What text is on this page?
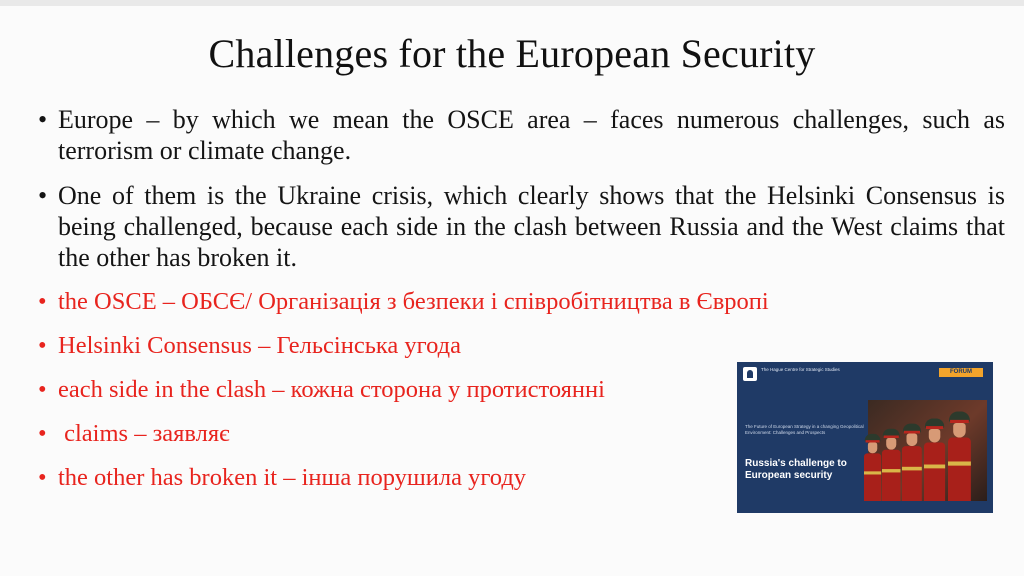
Challenges for the European Security
• Europe – by which we mean the OSCE area – faces numerous challenges, such as terrorism or climate change.
• One of them is the Ukraine crisis, which clearly shows that the Helsinki Consensus is being challenged, because each side in the clash between Russia and the West claims that the other has broken it.
• the OSCE – ОБСЄ/ Організація з безпеки і співробітництва в Європі
• Helsinki Consensus – Гельсінська угода
• each side in the clash – кожна сторона у протистоянні
• claims – заявляє
• the other has broken it – інша порушила угоду
The Hague Centre for Strategic Studies	FORUM
The Future of European Strategy in a changing Geopolitical Environment: Challenges and Prospects
Russia's challenge to European security
